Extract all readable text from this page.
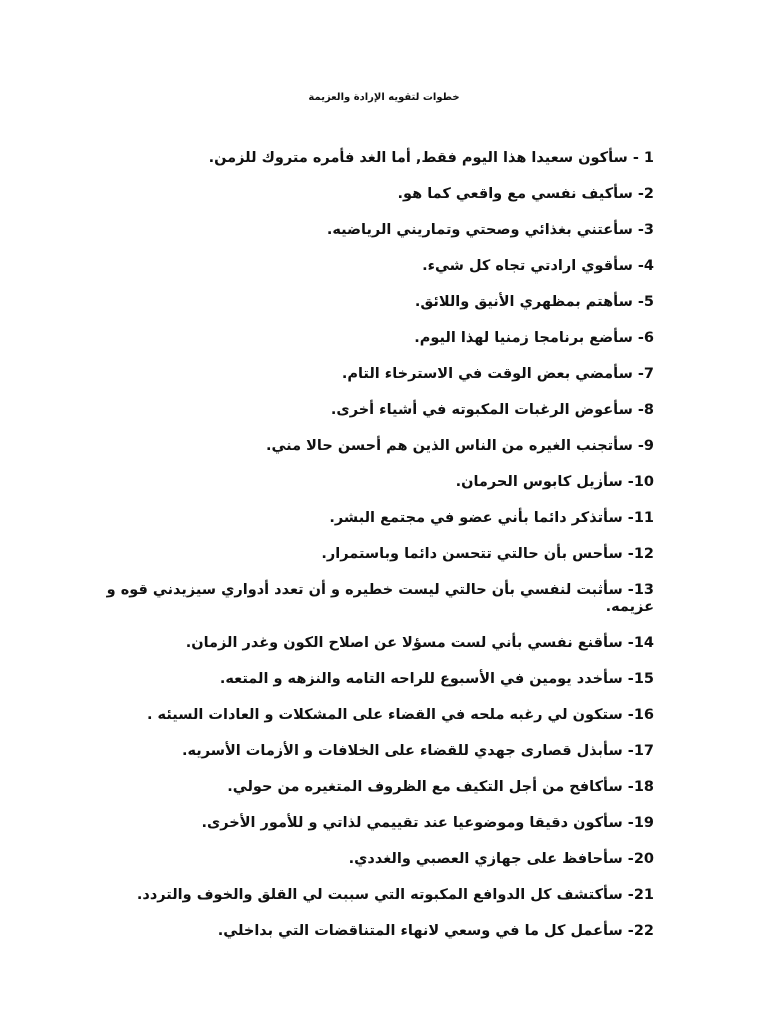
خطوات لتقويه الإرادة والعزيمة
1 - سأكون سعيدا هذا اليوم فقط, أما الغد فأمره متروك للزمن.
2- سأكيف نفسي مع واقعي كما هو.
3- سأعتني بغذائي وصحتي وتماريني الرياضيه.
4- سأقوي ارادتي تجاه كل شيء.
5- سأهتم بمظهري الأنيق واللائق.
6- سأضع برنامجا زمنيا لهذا اليوم.
7- سأمضي بعض الوقت في الاسترخاء التام.
8- سأعوض الرغبات المكبوته في أشياء أخرى.
9- سأتجنب الغيره من الناس الذين هم أحسن حالا مني.
10- سأزيل كابوس الحرمان.
11- سأتذكر دائما بأني عضو في مجتمع البشر.
12- سأحس بأن حالتي تتحسن دائما وباستمرار.
13- سأثبت لنفسي بأن حالتي ليست خطيره و أن تعدد أدواري سيزيدني قوه و عزيمه.
14- سأقنع نفسي بأني لست مسؤلا عن اصلاح الكون وغدر الزمان.
15- سأخدد يومين في الأسبوع للراحه التامه والنزهه و المتعه.
16- ستكون لي رغبه ملحه في القضاء على المشكلات و العادات السيئه .
17- سأبذل قصارى جهدي للقضاء على الخلافات و الأزمات الأسريه.
18- سأكافح من أجل التكيف مع الظروف المتغيره من حولي.
19- سأكون دقيقا وموضوعيا عند تقييمي لذاتي و للأمور الأخرى.
20- سأحافظ على جهازي العصبي والغددي.
21- سأكتشف كل الدوافع المكبوته التي سببت لي القلق والخوف والتردد.
22- سأعمل كل ما في وسعي لانهاء المتناقضات التي بداخلي.
